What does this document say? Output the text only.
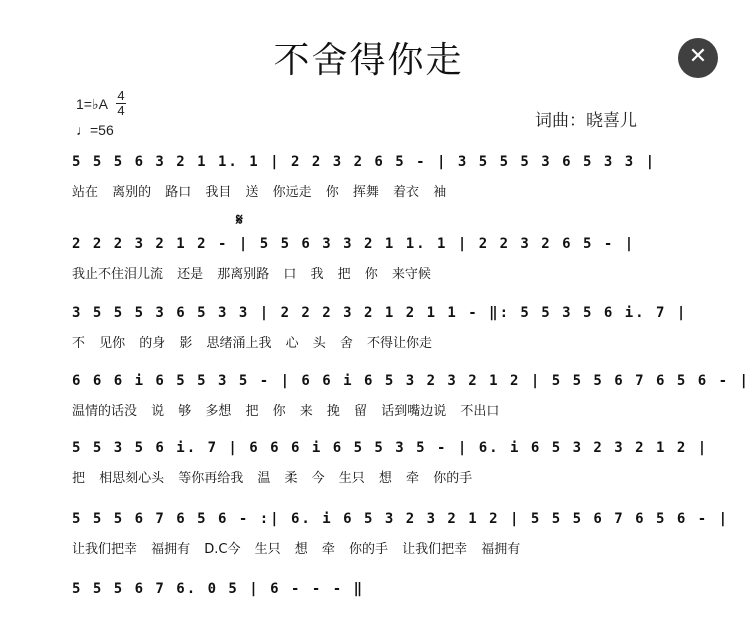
不舍得你走	✕
1=♭A
4
4
♩=56	词曲：晓喜儿
𝄋
5 5 5 6 3 2 1 1. 1 | 2 2 3 2 6 5 - | 3 5 5 5 3 6 5 3 3 |
站在 离别的 路口 我目 送 你远走 你 挥舞 着衣 袖
2 2 2 3 2 1 2 - | 5 5 6 3 3 2 1 1. 1 | 2 2 3 2 6 5 - |
我止不住泪儿流 还是 那离别路 口 我 把 你 来守候
3 5 5 5 3 6 5 3 3 | 2 2 2 3 2 1 2 1 1 - ‖: 5 5 3 5 6 i. 7 |
不 见你 的身 影 思绪涌上我 心 头 舍 不得让你走
6 6 6 i 6 5 5 3 5 - | 6 6 i 6 5 3 2 3 2 1 2 | 5 5 5 6 7 6 5 6 - |
温情的话没 说 够 多想 把 你 来 挽 留 话到嘴边说 不出口
5 5 3 5 6 i. 7 | 6 6 6 i 6 5 5 3 5 - | 6. i 6 5 3 2 3 2 1 2 |
把 相思刻心头 等你再给我 温 柔 今 生只 想 牵 你的手
5 5 5 6 7 6 5 6 - :| 6. i 6 5 3 2 3 2 1 2 | 5 5 5 6 7 6 5 6 - |
让我们把幸 福拥有 D.C今 生只 想 牵 你的手 让我们把幸 福拥有
5 5 5 6 7 6. 0 5 | 6 - - - ‖
